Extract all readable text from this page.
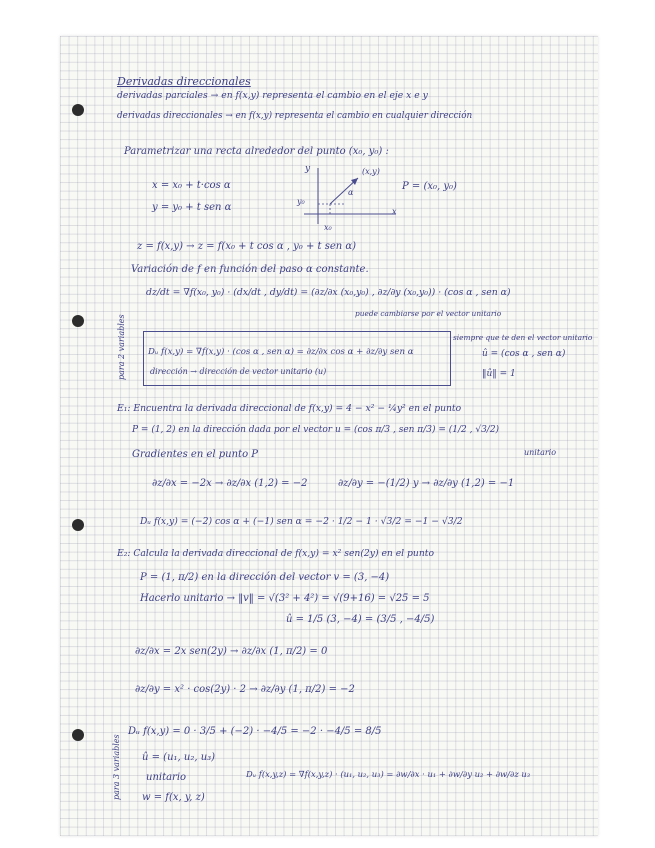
Derivadas direccionales
derivadas parciales → en f(x,y) representa el cambio en el eje x e y
derivadas direccionales → en f(x,y) representa el cambio en cualquier dirección
Parametrizar una recta alrededor del punto (x₀, y₀) :
x = x₀ + t·cos α
y = y₀ + t sen α
P = (x₀, y₀)
y	(x,y)
α
y₀
x
x₀
z = f(x,y) → z = f(x₀ + t cos α , y₀ + t sen α)
Variación de f en función del paso α constante.
dz/dt = ∇f(x₀, y₀) · (dx/dt , dy/dt) = (∂z/∂x (x₀,y₀) , ∂z/∂y (x₀,y₀)) · (cos α , sen α)
para 2 variables	Dᵤ f(x,y) = ∇f(x,y) · (cos α , sen α) = ∂z/∂x cos α + ∂z/∂y sen α
dirección → dirección de vector unitario (u)
puede cambiarse por el vector unitario
siempre que te den el vector unitario
û = (cos α , sen α)
‖û‖ = 1
E₁: Encuentra la derivada direccional de f(x,y) = 4 − x² − ¼y² en el punto
P = (1, 2) en la dirección dada por el vector u = (cos π/3 , sen π/3) = (1/2 , √3/2)
unitario
Gradientes en el punto P
∂z/∂x = −2x → ∂z/∂x (1,2) = −2	∂z/∂y = −(1/2) y → ∂z/∂y (1,2) = −1
Dᵤ f(x,y) = (−2) cos α + (−1) sen α = −2 · 1/2 − 1 · √3/2 = −1 − √3/2
E₂: Calcula la derivada direccional de f(x,y) = x² sen(2y) en el punto
P = (1, π/2) en la dirección del vector v = (3, −4)
Hacerlo unitario → ‖v‖ = √(3² + 4²) = √(9+16) = √25 = 5
û = 1/5 (3, −4) = (3/5 , −4/5)
∂z/∂x = 2x sen(2y) → ∂z/∂x (1, π/2) = 0
∂z/∂y = x² · cos(2y) · 2 → ∂z/∂y (1, π/2) = −2
Dᵤ f(x,y) = 0 · 3/5 + (−2) · −4/5 = −2 · −4/5 = 8/5
para 3 variables û = (u₁, u₂, u₃)
unitario
w = f(x, y, z)
Dᵤ f(x,y,z) = ∇f(x,y,z) · (u₁, u₂, u₃) = ∂w/∂x · u₁ + ∂w/∂y u₂ + ∂w/∂z u₃
